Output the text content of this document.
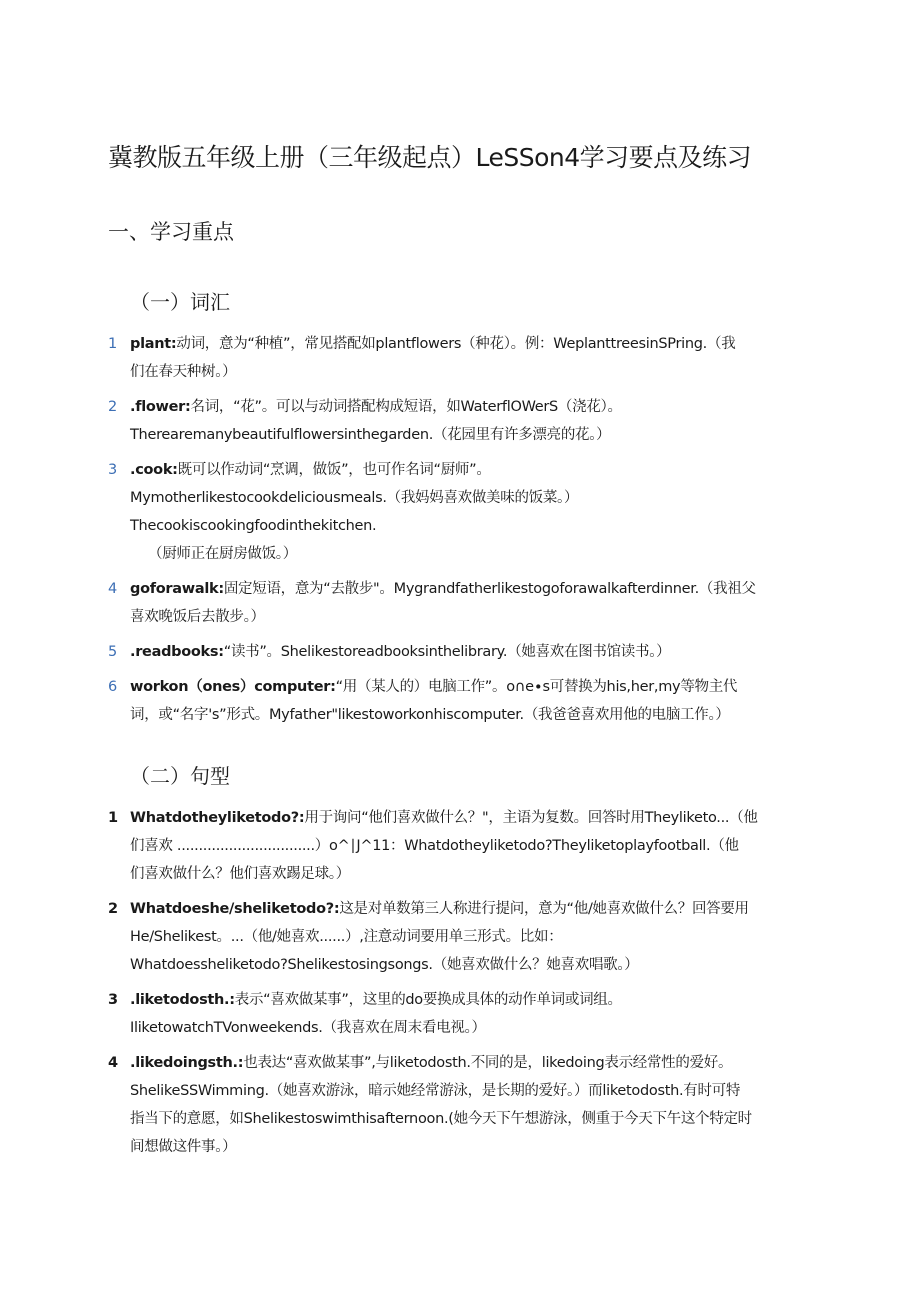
冀教版五年级上册（三年级起点）LeSSon4学习要点及练习
一、学习重点
（一）词汇
1 plant:动词，意为“种植”，常见搭配如plantflowers（种花）。例：WeplanttreesinSPring.（我
们在春天种树。）
2 .flower:名词，“花”。可以与动词搭配构成短语，如WaterflOWerS（浇花）。
Therearemanybeautifulflowersinthegarden.（花园里有许多漂亮的花。）
3 .cook:既可以作动词“烹调，做饭”，也可作名词“厨师”。
Mymotherlikestocookdeliciousmeals.（我妈妈喜欢做美味的饭菜。）
Thecookiscookingfoodinthekitchen.
（厨师正在厨房做饭。）
4 goforawalk:固定短语，意为“去散步"。Mygrandfatherlikestogoforawalkafterdinner.（我祖父
喜欢晚饭后去散步。）
5 .readbooks:“读书”。Shelikestoreadbooksinthelibrary.（她喜欢在图书馆读书。）
6 workon（ones）computer:“用（某人的）电脑工作”。o∩e∙s可替换为his,her,my等物主代
词，或“名字's”形式。Myfather"likestoworkonhiscomputer.（我爸爸喜欢用他的电脑工作。）
（二）句型
1 Whatdotheyliketodo?:用于询问“他们喜欢做什么？"，主语为复数。回答时用Theyliketo...（他
们喜欢 ................................）o^∣J^11：Whatdotheyliketodo?Theyliketoplayfootball.（他
们喜欢做什么？他们喜欢踢足球。）
2 Whatdoeshe/sheliketodo?:这是对单数第三人称进行提问，意为“他/她喜欢做什么？回答要用
He/Shelikest。...（他/她喜欢......）,注意动词要用单三形式。比如：
Whatdoessheliketodo?Shelikestosingsongs.（她喜欢做什么？她喜欢唱歌。）
3 .liketodosth.:表示“喜欢做某事”，这里的do要换成具体的动作单词或词组。
IliketowatchTVonweekends.（我喜欢在周末看电视。）
4 .likedoingsth.:也表达“喜欢做某事”,与liketodosth.不同的是，likedoing表示经常性的爱好。
ShelikeSSWimming.（她喜欢游泳，暗示她经常游泳，是长期的爱好。）而liketodosth.有时可特
指当下的意愿，如Shelikestoswimthisafternoon.(她今天下午想游泳，侧重于今天下午这个特定时
间想做这件事。）
